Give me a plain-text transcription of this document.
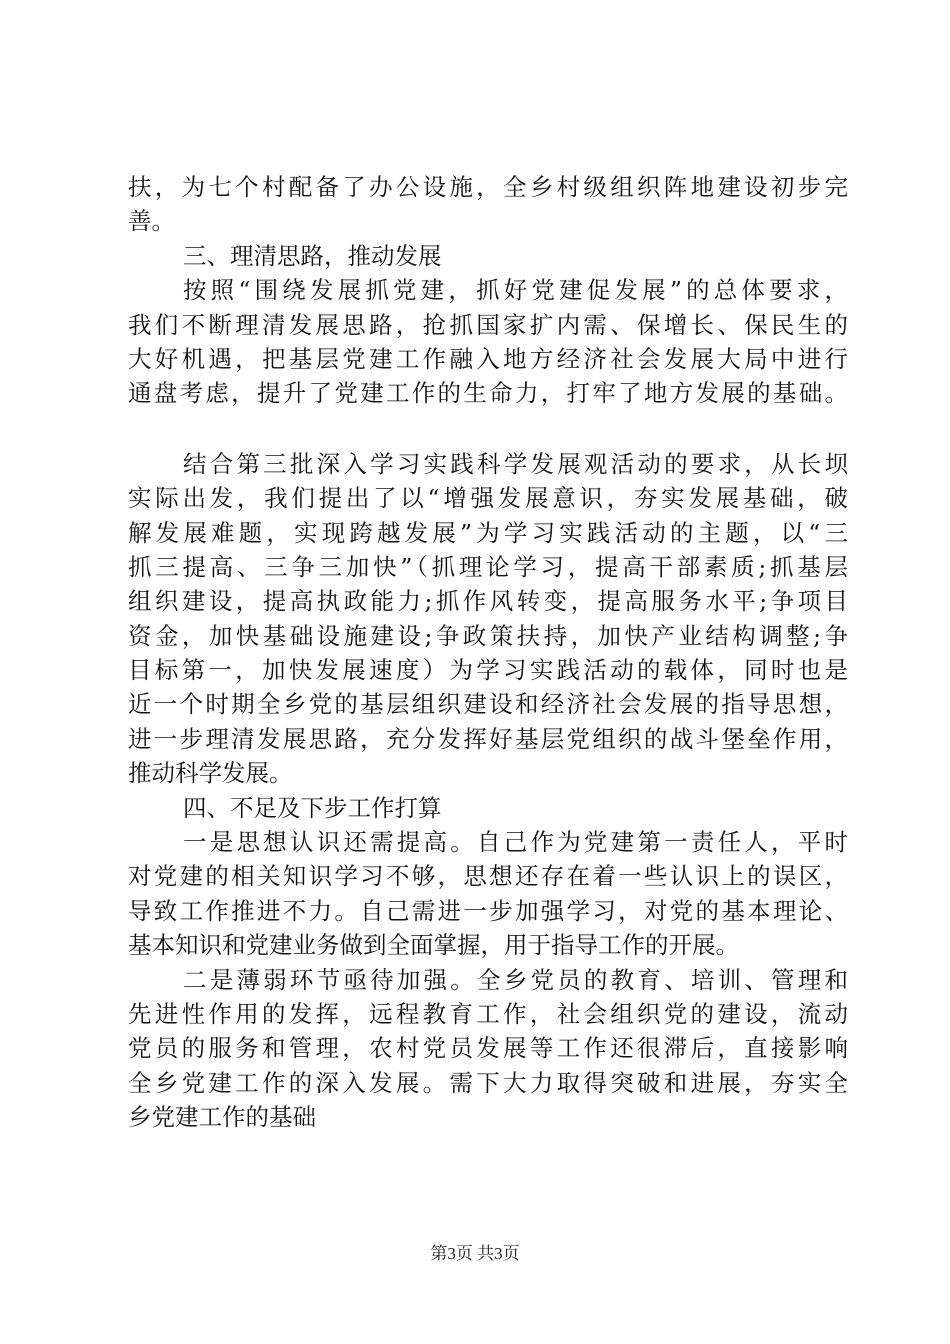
扶，为七个村配备了办公设施，全乡村级组织阵地建设初步完
善。
三、理清思路，推动发展
按照“围绕发展抓党建，抓好党建促发展”的总体要求，
我们不断理清发展思路，抢抓国家扩内需、保增长、保民生的
大好机遇，把基层党建工作融入地方经济社会发展大局中进行
通盘考虑，提升了党建工作的生命力，打牢了地方发展的基础。
结合第三批深入学习实践科学发展观活动的要求，从长坝
实际出发，我们提出了以“增强发展意识，夯实发展基础，破
解发展难题，实现跨越发展”为学习实践活动的主题，以“三
抓三提高、三争三加快”（抓理论学习，提高干部素质;抓基层
组织建设，提高执政能力;抓作风转变，提高服务水平;争项目
资金，加快基础设施建设;争政策扶持，加快产业结构调整;争
目标第一，加快发展速度）为学习实践活动的载体，同时也是
近一个时期全乡党的基层组织建设和经济社会发展的指导思想，
进一步理清发展思路，充分发挥好基层党组织的战斗堡垒作用，
推动科学发展。
四、不足及下步工作打算
一是思想认识还需提高。自己作为党建第一责任人，平时
对党建的相关知识学习不够，思想还存在着一些认识上的误区，
导致工作推进不力。自己需进一步加强学习，对党的基本理论、
基本知识和党建业务做到全面掌握，用于指导工作的开展。
二是薄弱环节亟待加强。全乡党员的教育、培训、管理和
先进性作用的发挥，远程教育工作，社会组织党的建设，流动
党员的服务和管理，农村党员发展等工作还很滞后，直接影响
全乡党建工作的深入发展。需下大力取得突破和进展，夯实全
乡党建工作的基础
第3页 共3页
